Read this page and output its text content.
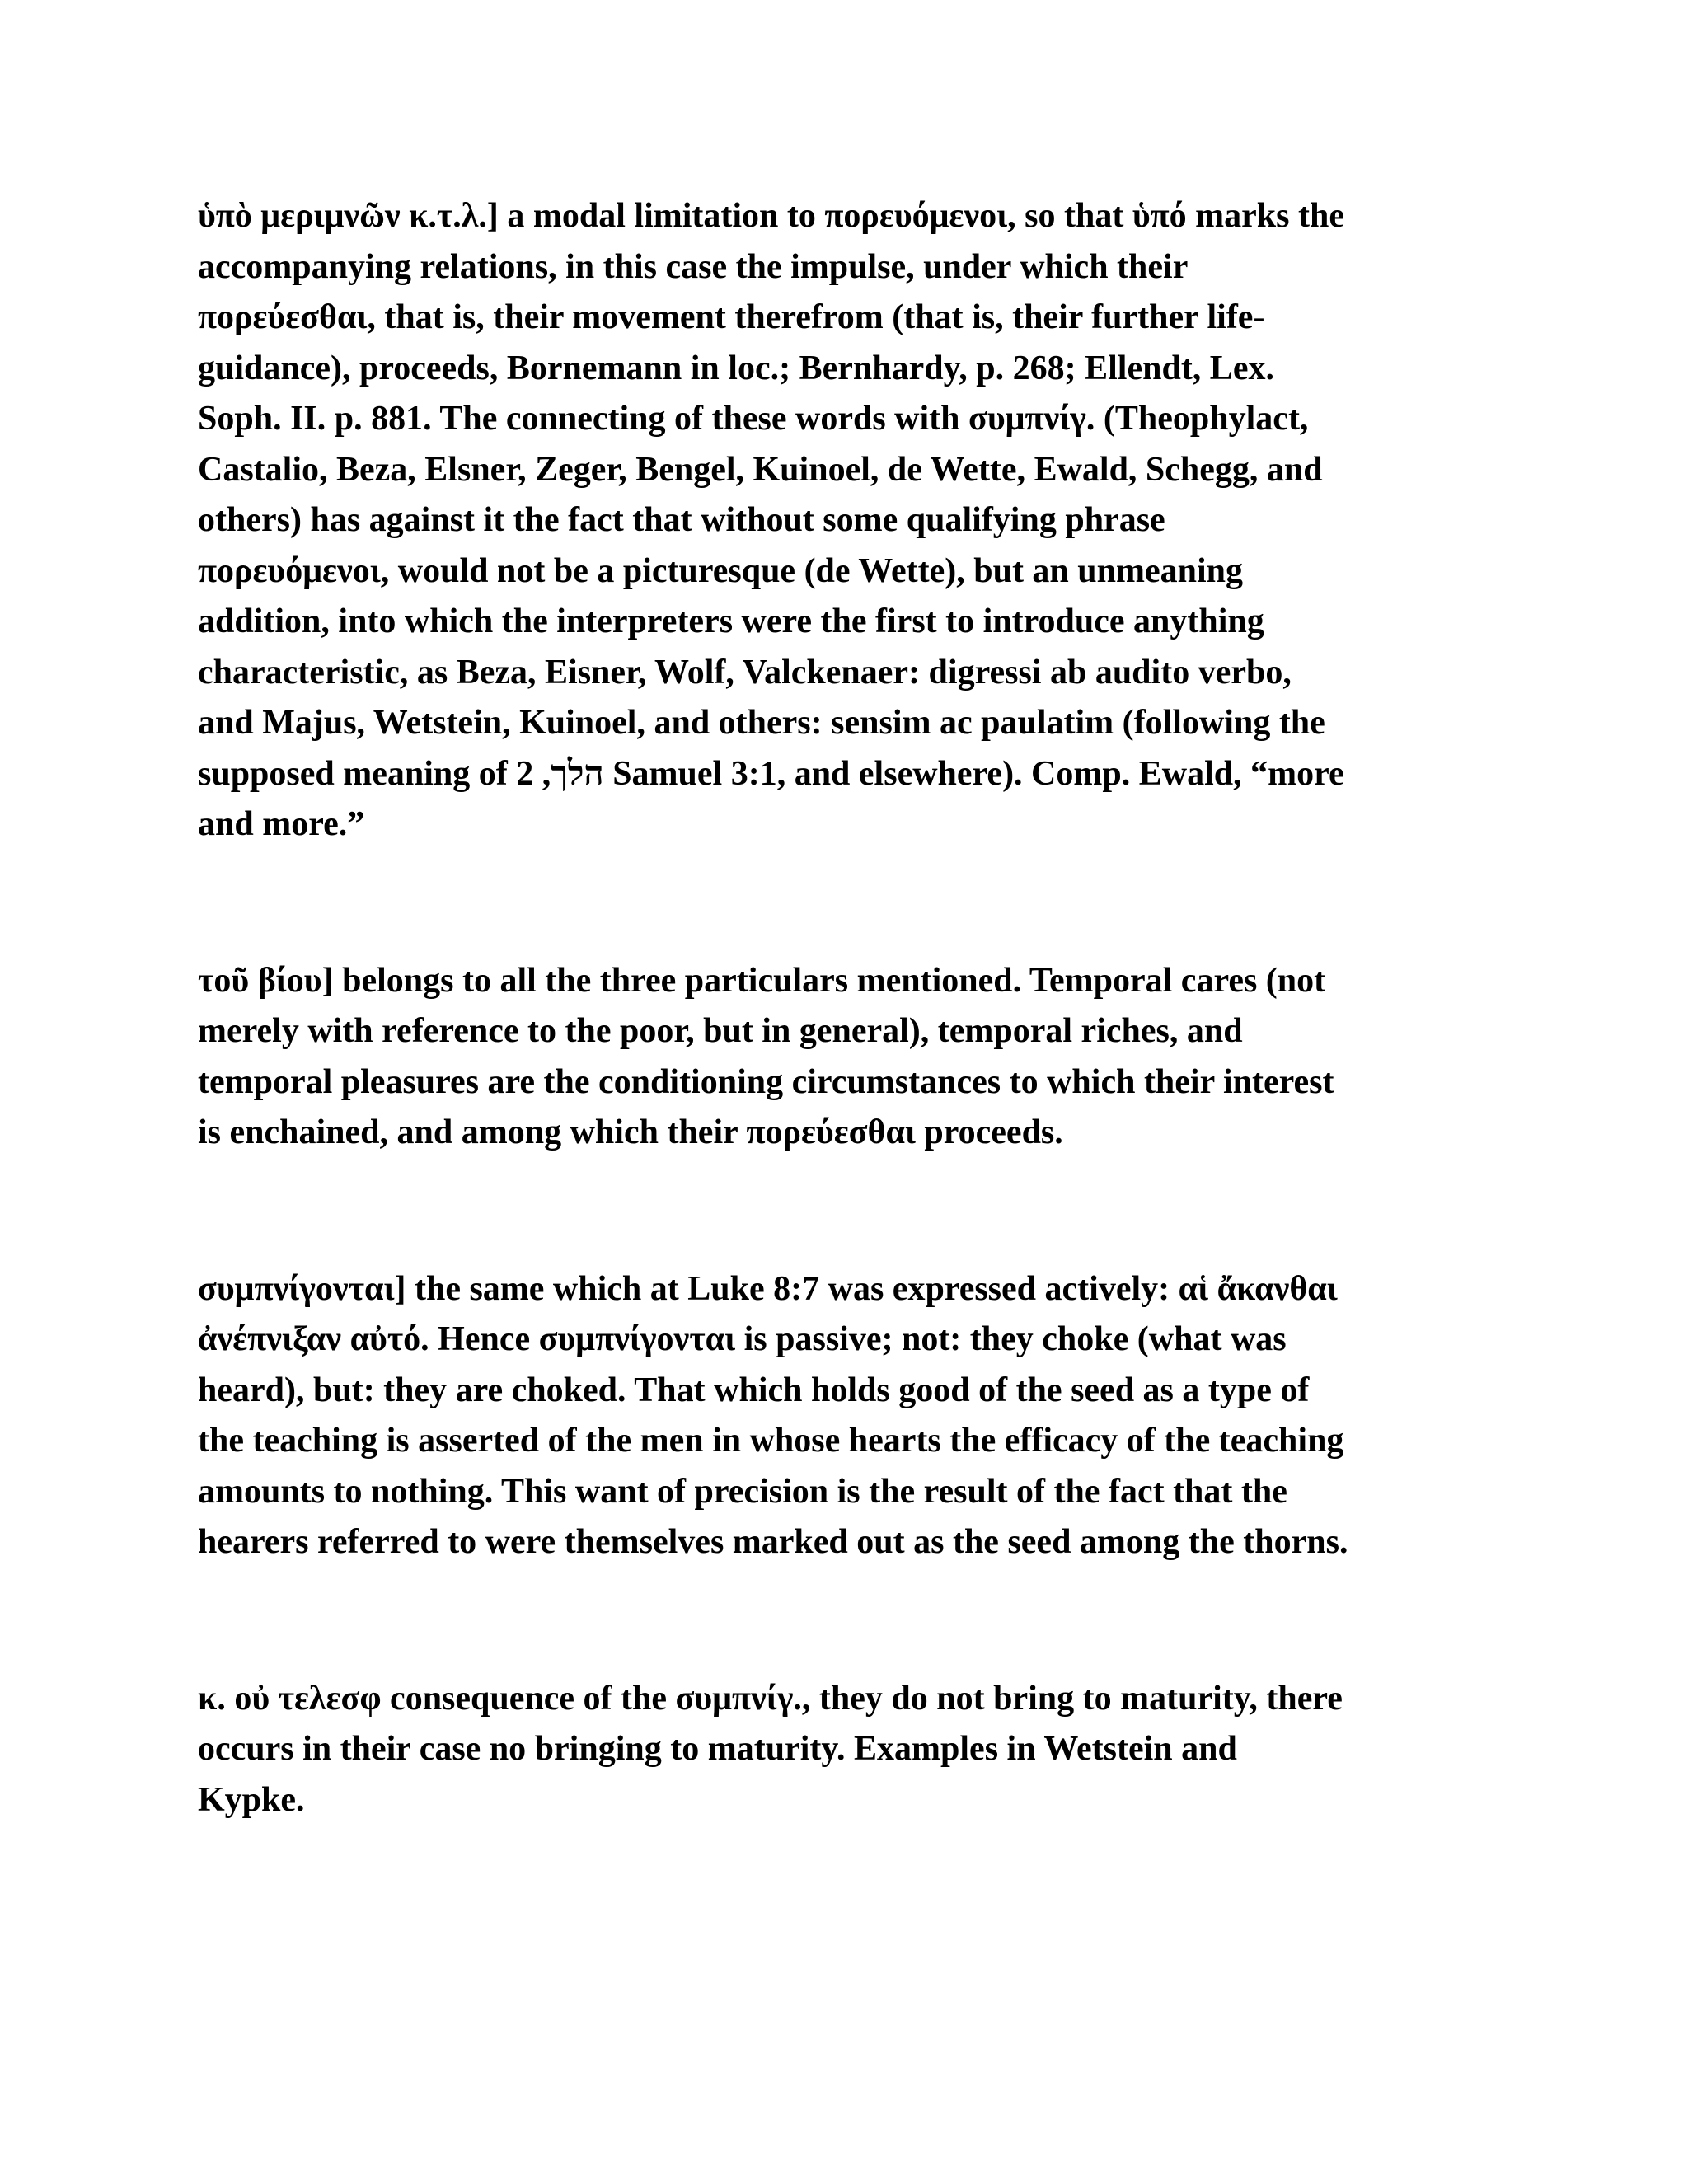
ὑπὸ μεριμνῶν κ.τ.λ.] a modal limitation to πορευόμενοι, so that ὑπό marks the
accompanying relations, in this case the impulse, under which their
πορεύεσθαι, that is, their movement therefrom (that is, their further life-
guidance), proceeds, Bornemann in loc.; Bernhardy, p. 268; Ellendt, Lex.
Soph. II. p. 881. The connecting of these words with συμπνίγ. (Theophylact,
Castalio, Beza, Elsner, Zeger, Bengel, Kuinoel, de Wette, Ewald, Schegg, and
others) has against it the fact that without some qualifying phrase
πορευόμενοι, would not be a picturesque (de Wette), but an unmeaning
addition, into which the interpreters were the first to introduce anything
characteristic, as Beza, Eisner, Wolf, Valckenaer: digressi ab audito verbo,
and Majus, Wetstein, Kuinoel, and others: sensim ac paulatim (following the
supposed meaning of הלך, 2 Samuel 3:1, and elsewhere). Comp. Ewald, “more
and more.”

τοῦ βίου] belongs to all the three particulars mentioned. Temporal cares (not
merely with reference to the poor, but in general), temporal riches, and
temporal pleasures are the conditioning circumstances to which their interest
is enchained, and among which their πορεύεσθαι proceeds.

συμπνίγονται] the same which at Luke 8:7 was expressed actively: αἱ ἄκανθαι
ἀνέπνιξαν αὐτό. Hence συμπνίγονται is passive; not: they choke (what was
heard), but: they are choked. That which holds good of the seed as a type of
the teaching is asserted of the men in whose hearts the efficacy of the teaching
amounts to nothing. This want of precision is the result of the fact that the
hearers referred to were themselves marked out as the seed among the thorns.

κ. οὐ τελεσφ consequence of the συμπνίγ., they do not bring to maturity, there
occurs in their case no bringing to maturity. Examples in Wetstein and
Kypke.
